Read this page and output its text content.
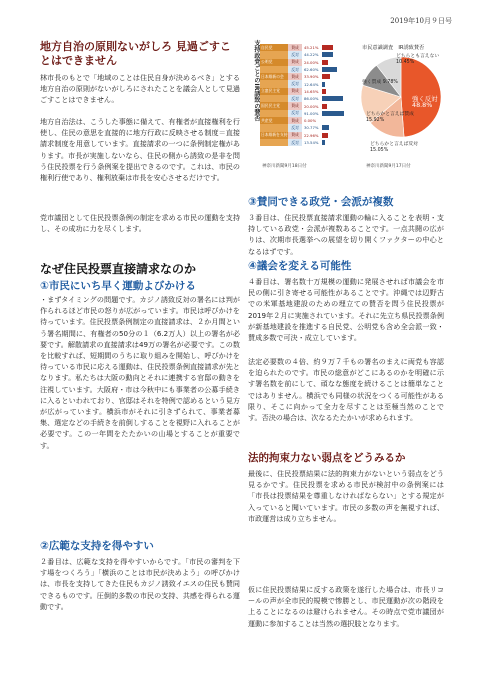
2019年10月９日号
地方自治の原則ないがしろ 見過ごすことはできません
林市長のもとで「地域のことは住民自身が決めるべき」とする地方自治の原則がないがしろにされたことを議会人として見過ごすことはできません。
地方自治法は、こうした事態に備えて、有権者が直接権利を行使し、住民の意思を直接的に地方行政に反映させる制度＝直接請求制度を用意しています。直接請求の一つに条例制定権があります。市長が実施しないなら、住民の側から誘致の是非を問う住民投票を行う条例案を提出できるのです。これは、市民の権利行使であり、権利放棄は市長を安心させるだけです。
党市議団として住民投票条例の制定を求める市民の運動を支持し、その成功に力を尽くします。
支持政党ごとのIR誘致の賛否 自民党	賛成	45.21%
反対	44.22%
公明党	賛成	24.00%
反対	62.60%
日本維新の会	賛成	33.90%
反対	12.64%
立憲民主党	賛成	14.65%
反対	86.00%
国民民主党	賛成	20.00%
反対	91.00%
共産党	賛成	0.00%
反対	30.77%
日本維新を支持 賛成	22.96%
反対	13.54%
市民意識調査　IR誘致賛否
どちらとも言えない 10.45%
強く賛成 9.78%
強く反対 48.8%
どちらかと言えば賛成 15.92%
どちらかと言えば反対 15.05%
神奈川新聞9月18日付	神奈川新聞9月17日付
なぜ住民投票直接請求なのか
①市民にいち早く運動よびかける
・まずタイミングの問題です。カジノ誘致反対の署名には判が作られるほど市民の怒りが広がっています。市民は呼びかけを待っています。住民投票条例制定の直接請求は、２か月間という署名期間に、有権者の50分の１（6.2万人）以上の署名が必要です。解散請求の直接請求は49万の署名が必要です。この数を比較すれば、短期間のうちに取り組みを開始し、呼びかけを待っている市民に応える運動は、住民投票条例直接請求が先となります。私たちは大阪の動向とそれに連携する官邸の動きを注視しています。大阪府・市は今秋中にも事業者の公募手続きに入るといわれており、官邸はそれを特例で認めるという見方が広がっています。横浜市がそれに引きずられて、事業者募集、選定などの手続きを前倒しすることを視野に入れることが必要です。この一年間をたたかいの山場とすることが重要です。
②広範な支持を得やすい
２番目は、広範な支持を得やすいからです。「市民の審判を下す場をつくろう」「横浜のことは市民が決めよう」の呼びかけは、市長を支持してきた住民もカジノ誘致イエスの住民も賛同できるものです。圧倒的多数の市民の支持、共感を得られる運動です。
③賛同できる政党・会派が複数
３番目は、住民投票直接請求運動の輪に入ることを表明・支持している政党・会派が複数あることです。一点共闘の広がりは、次期市長選挙への展望を切り開くファクターの中心となるはずです。
④議会を変える可能性
４番目は、署名数十万規模の運動に発展させれば市議会を市民の側に引き寄せる可能性があることです。沖縄では辺野古での米軍基地建設のための埋立ての賛否を問う住民投票が2019年２月に実施されています。それに先立ち県民投票条例が新基地建設を推進する自民党、公明党も含め全会派一致・賛成多数で可決・成立しています。
法定必要数の４倍、約９万７千もの署名のまえに両党も容認を迫られたのです。市民の総意がどこにあるのかを明確に示す署名数を前にして、頑なな態度を続けることは簡単なことではありません。横浜でも同様の状況をつくる可能性がある限り、そこに向かって全力を尽すことは至極当然のことです。否決の場合は、次なるたたかいが求められます。
法的拘束力ない弱点をどうみるか
最後に、住民投票結果に法的拘束力がないという弱点をどう見るかです。住民投票を求める市民が検討中の条例案には「市長は投票結果を尊重しなければならない」とする規定が入っていると聞いています。市民の多数の声を無視すれば、市政運営は成り立ちません。
仮に住民投票結果に反する政策を遂行した場合は、市長リコールの声が全市民的規模で惨勝とし、市民運動が次の階段を上ることになるのは避けられません。その時点で党市議団が運動に参加することは当然の選択肢となります。
